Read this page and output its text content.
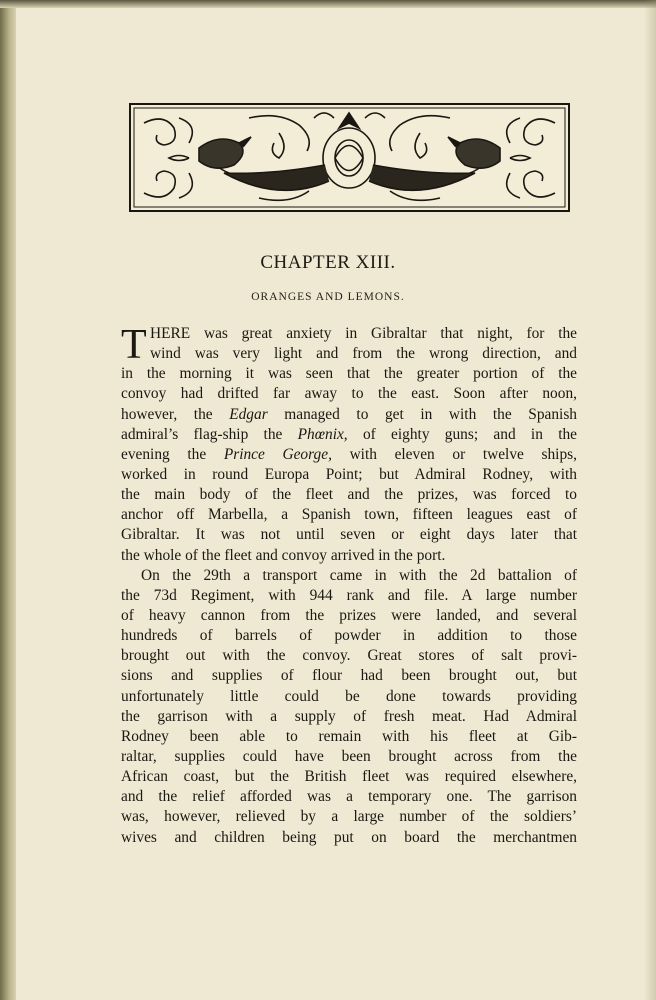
CHAPTER XIII.
ORANGES AND LEMONS.
T HERE was great anxiety in Gibraltar that night, for the
wind was very light and from the wrong direction, and
in the morning it was seen that the greater portion of the
convoy had drifted far away to the east. Soon after noon,
however, the Edgar managed to get in with the Spanish
admiral’s flag-ship the Phœnix, of eighty guns; and in the
evening the Prince George, with eleven or twelve ships,
worked in round Europa Point; but Admiral Rodney, with
the main body of the fleet and the prizes, was forced to
anchor off Marbella, a Spanish town, fifteen leagues east of
Gibraltar. It was not until seven or eight days later that
the whole of the fleet and convoy arrived in the port.
On the 29th a transport came in with the 2d battalion of
the 73d Regiment, with 944 rank and file. A large number
of heavy cannon from the prizes were landed, and several
hundreds of barrels of powder in addition to those
brought out with the convoy. Great stores of salt provi-
sions and supplies of flour had been brought out, but
unfortunately little could be done towards providing
the garrison with a supply of fresh meat. Had Admiral
Rodney been able to remain with his fleet at Gib-
raltar, supplies could have been brought across from the
African coast, but the British fleet was required elsewhere,
and the relief afforded was a temporary one. The garrison
was, however, relieved by a large number of the soldiers’
wives and children being put on board the merchantmen
